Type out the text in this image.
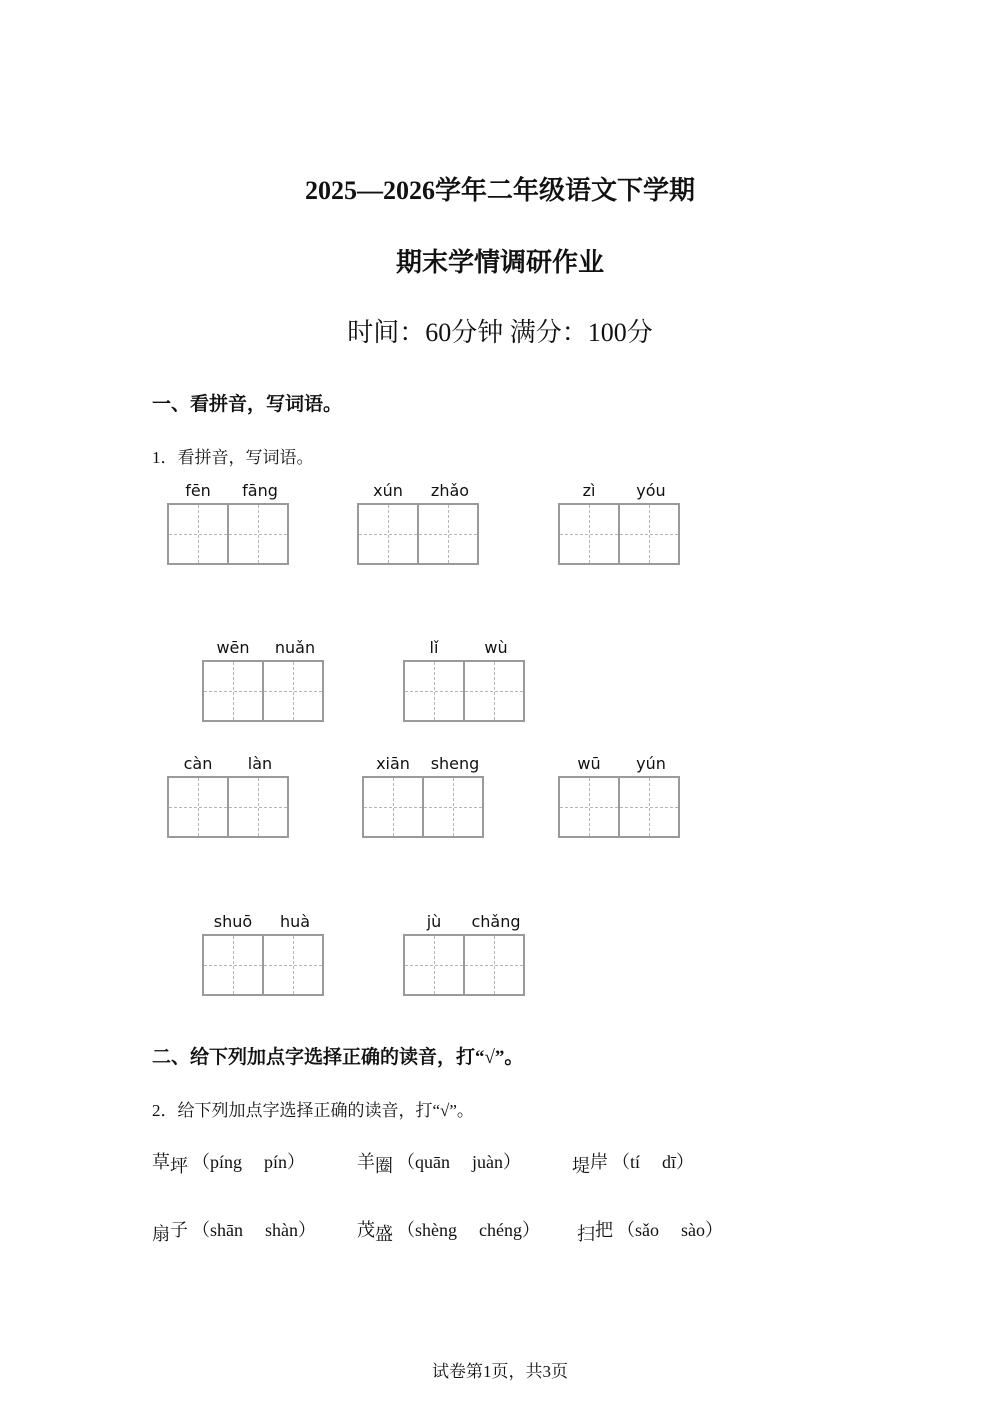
2025—2026学年二年级语文下学期
期末学情调研作业
时间：60分钟 满分：100分
一、看拼音，写词语。
1．看拼音，写词语。
fēn	fāng	xún	zhǎo	zì	yóu
wēn	nuǎn	lǐ	wù
càn	làn	xiān	sheng	wū	yún
shuō	huà	jù	chǎng
二、给下列加点字选择正确的读音，打“√”。
2．给下列加点字选择正确的读音，打“√”。
草坪 （píng pín）	羊圈 （quān juàn）	堤岸 （tí dī）
扇子 （shān shàn） 茂盛 （shèng chéng） 扫把 （sǎo sào）
试卷第1页，共3页
